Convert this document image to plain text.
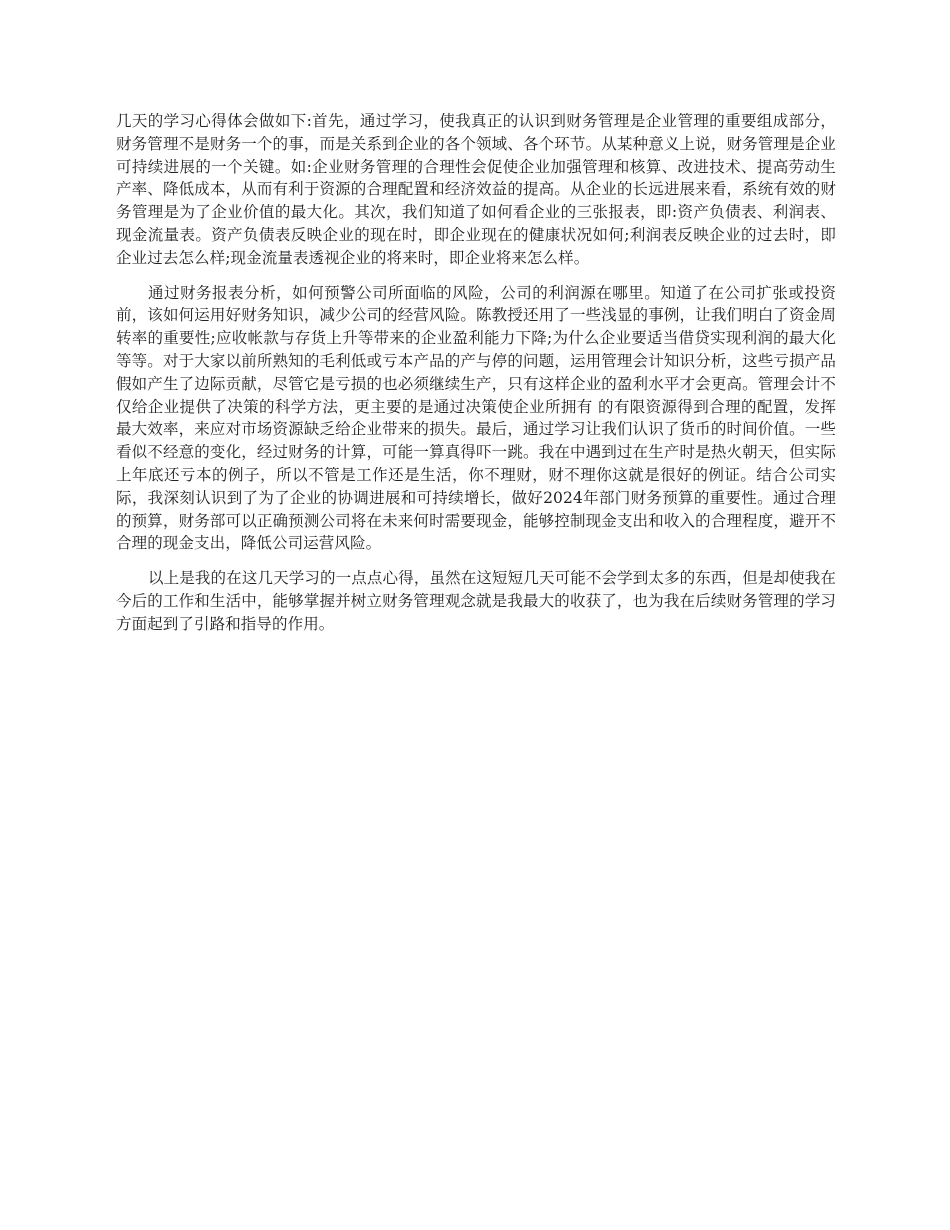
几天的学习心得体会做如下:首先，通过学习，使我真正的认识到财务管理是企业管理的重要组成部分，财务管理不是财务一个的事，而是关系到企业的各个领域、各个环节。从某种意义上说，财务管理是企业可持续进展的一个关键。如:企业财务管理的合理性会促使企业加强管理和核算、改进技术、提高劳动生产率、降低成本，从而有利于资源的合理配置和经济效益的提高。从企业的长远进展来看，系统有效的财务管理是为了企业价值的最大化。其次，我们知道了如何看企业的三张报表，即:资产负债表、利润表、现金流量表。资产负债表反映企业的现在时，即企业现在的健康状况如何;利润表反映企业的过去时，即企业过去怎么样;现金流量表透视企业的将来时，即企业将来怎么样。

通过财务报表分析，如何预警公司所面临的风险，公司的利润源在哪里。知道了在公司扩张或投资前，该如何运用好财务知识，减少公司的经营风险。陈教授还用了一些浅显的事例，让我们明白了资金周转率的重要性;应收帐款与存货上升等带来的企业盈利能力下降;为什么企业要适当借贷实现利润的最大化等等。对于大家以前所熟知的毛利低或亏本产品的产与停的问题，运用管理会计知识分析，这些亏损产品假如产生了边际贡献，尽管它是亏损的也必须继续生产，只有这样企业的盈利水平才会更高。管理会计不仅给企业提供了决策的科学方法，更主要的是通过决策使企业所拥有 的有限资源得到合理的配置，发挥最大效率，来应对市场资源缺乏给企业带来的损失。最后，通过学习让我们认识了货币的时间价值。一些看似不经意的变化，经过财务的计算，可能一算真得吓一跳。我在中遇到过在生产时是热火朝天，但实际上年底还亏本的例子，所以不管是工作还是生活，你不理财，财不理你这就是很好的例证。结合公司实际，我深刻认识到了为了企业的协调进展和可持续增长，做好2024年部门财务预算的重要性。通过合理的预算，财务部可以正确预测公司将在未来何时需要现金，能够控制现金支出和收入的合理程度，避开不合理的现金支出，降低公司运营风险。

以上是我的在这几天学习的一点点心得，虽然在这短短几天可能不会学到太多的东西，但是却使我在今后的工作和生活中，能够掌握并树立财务管理观念就是我最大的收获了，也为我在后续财务管理的学习方面起到了引路和指导的作用。
